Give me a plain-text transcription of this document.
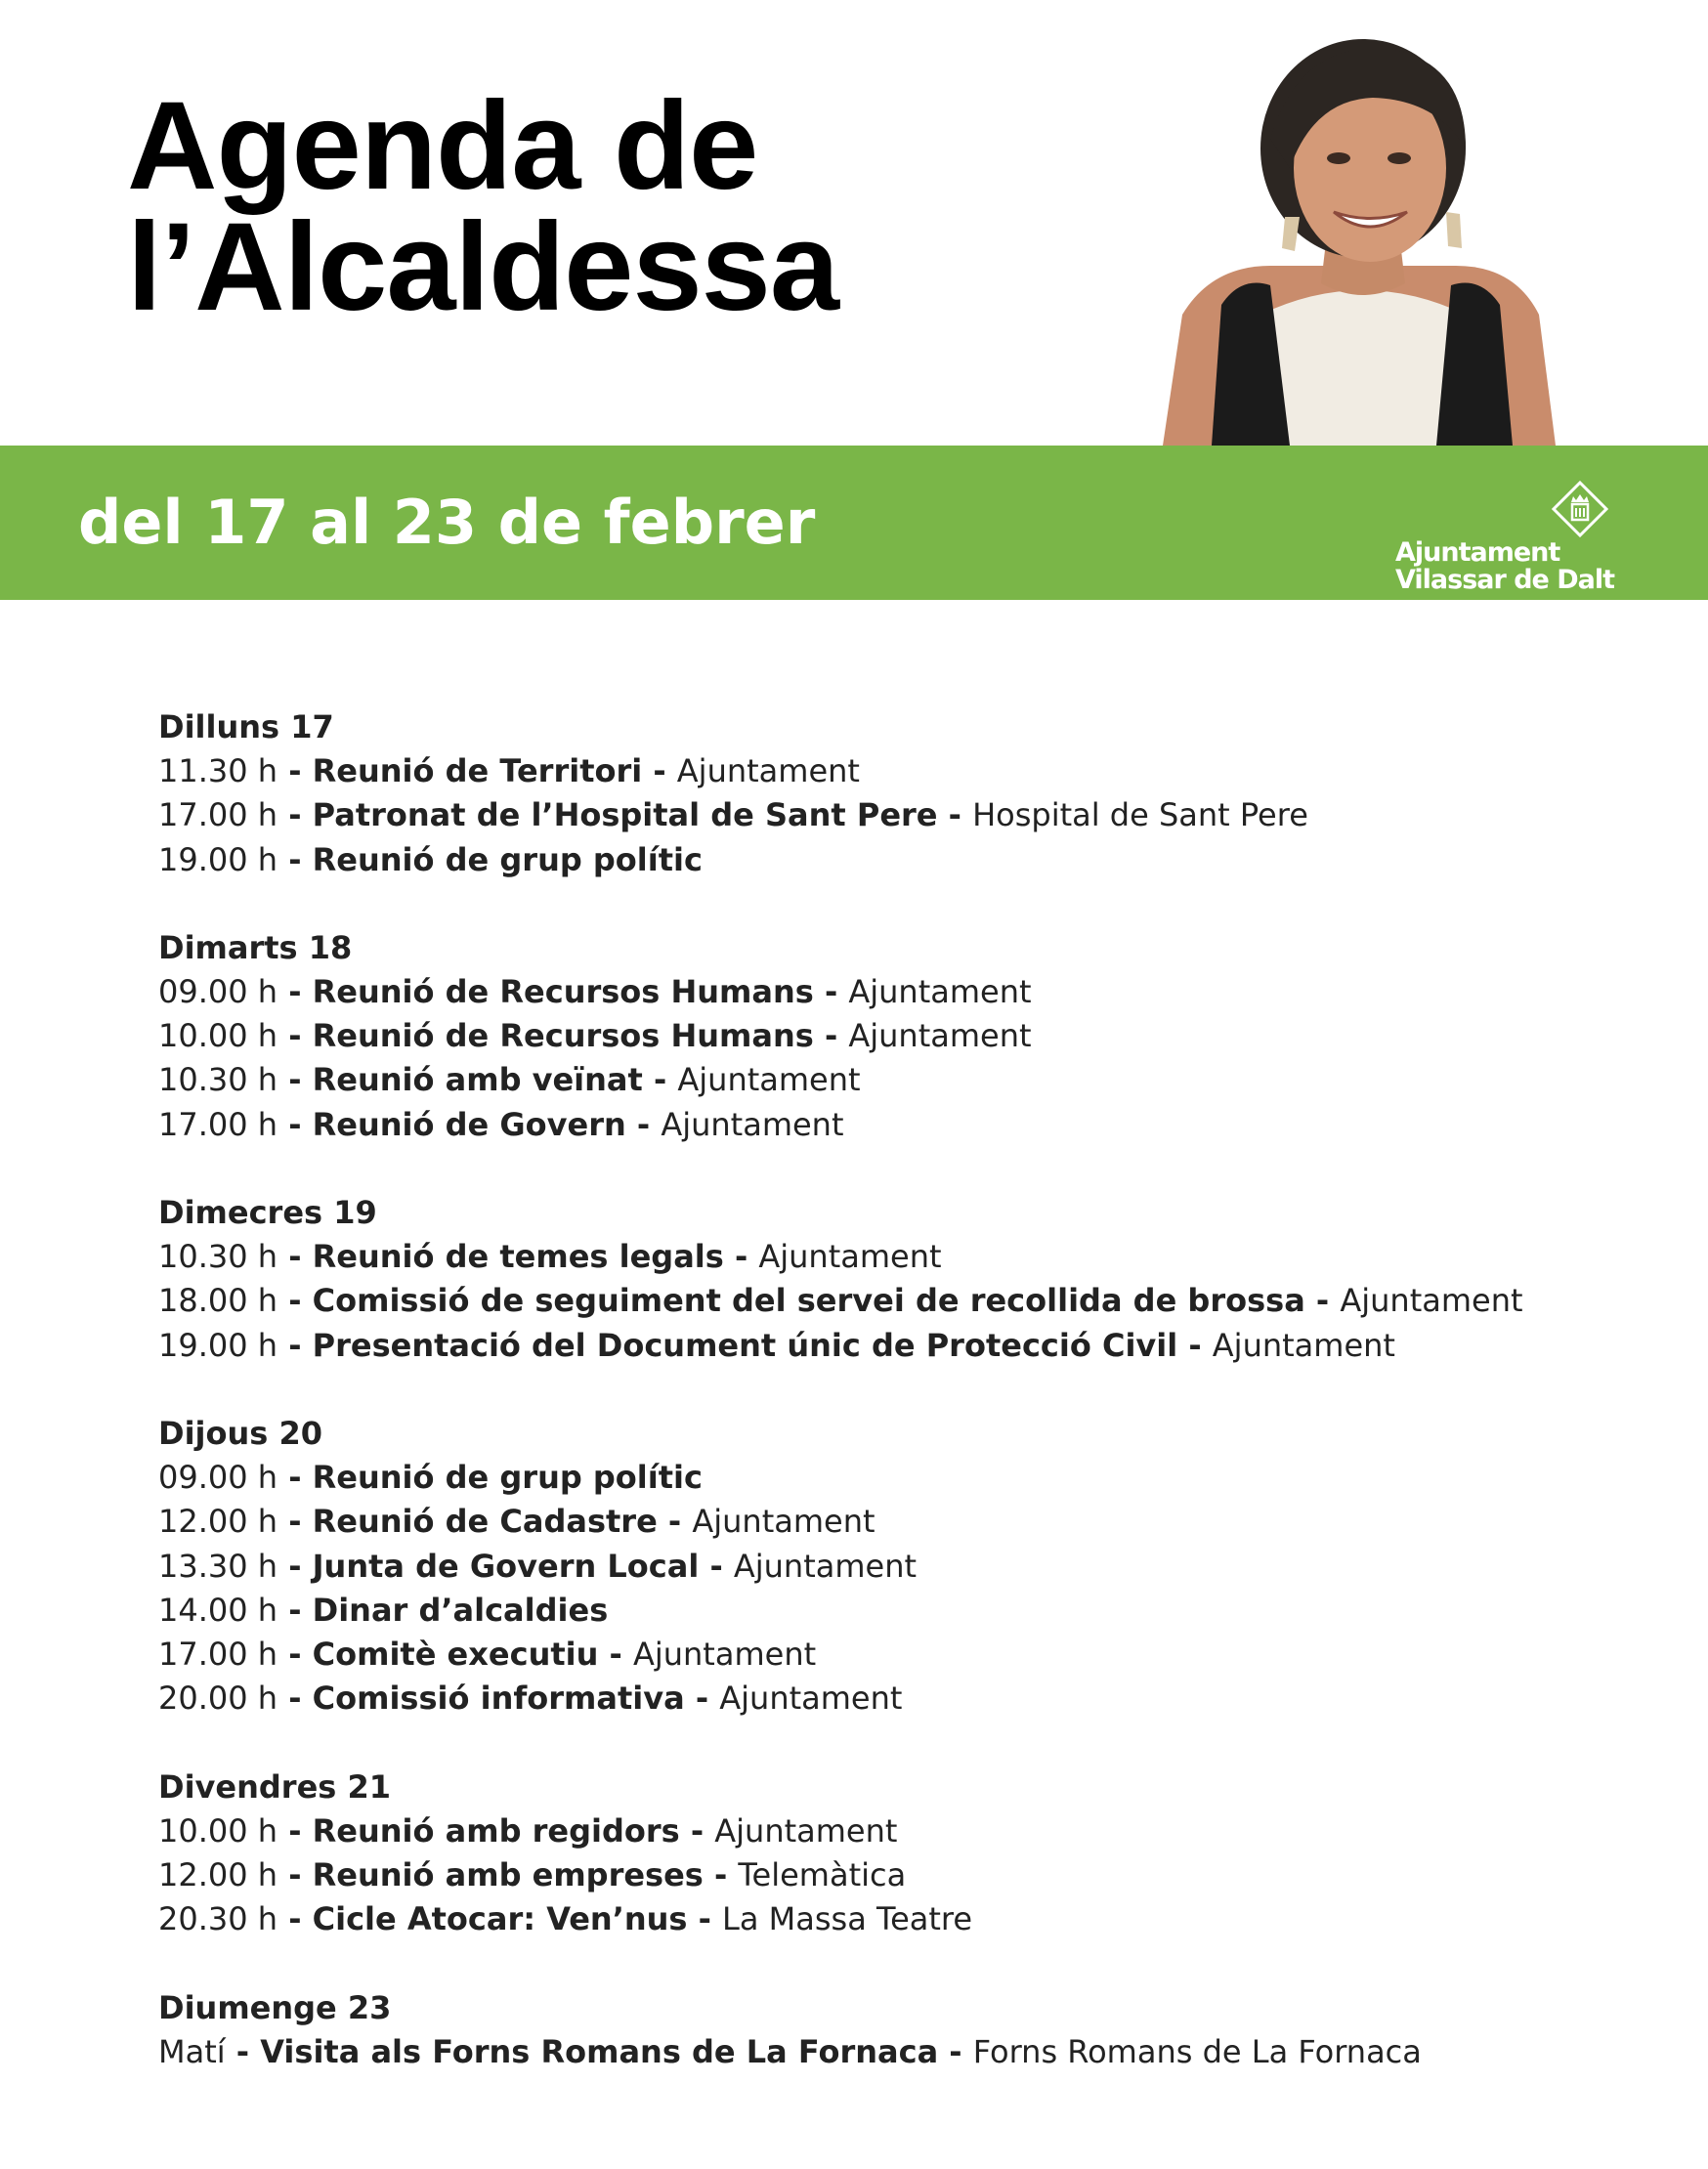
Agenda de
l’Alcaldessa
del 17 al 23 de febrer	Ajuntament
Vilassar de Dalt
Dilluns 17
11.30 h - Reunió de Territori - Ajuntament
17.00 h - Patronat de l’Hospital de Sant Pere - Hospital de Sant Pere
19.00 h - Reunió de grup polític
Dimarts 18
09.00 h - Reunió de Recursos Humans - Ajuntament
10.00 h - Reunió de Recursos Humans - Ajuntament
10.30 h - Reunió amb veïnat - Ajuntament
17.00 h - Reunió de Govern - Ajuntament
Dimecres 19
10.30 h - Reunió de temes legals - Ajuntament
18.00 h - Comissió de seguiment del servei de recollida de brossa - Ajuntament
19.00 h - Presentació del Document únic de Protecció Civil - Ajuntament
Dijous 20
09.00 h - Reunió de grup polític
12.00 h - Reunió de Cadastre - Ajuntament
13.30 h - Junta de Govern Local - Ajuntament
14.00 h - Dinar d’alcaldies
17.00 h - Comitè executiu - Ajuntament
20.00 h - Comissió informativa - Ajuntament
Divendres 21
10.00 h - Reunió amb regidors - Ajuntament
12.00 h - Reunió amb empreses - Telemàtica
20.30 h - Cicle Atocar: Ven’nus - La Massa Teatre
Diumenge 23
Matí - Visita als Forns Romans de La Fornaca - Forns Romans de La Fornaca
